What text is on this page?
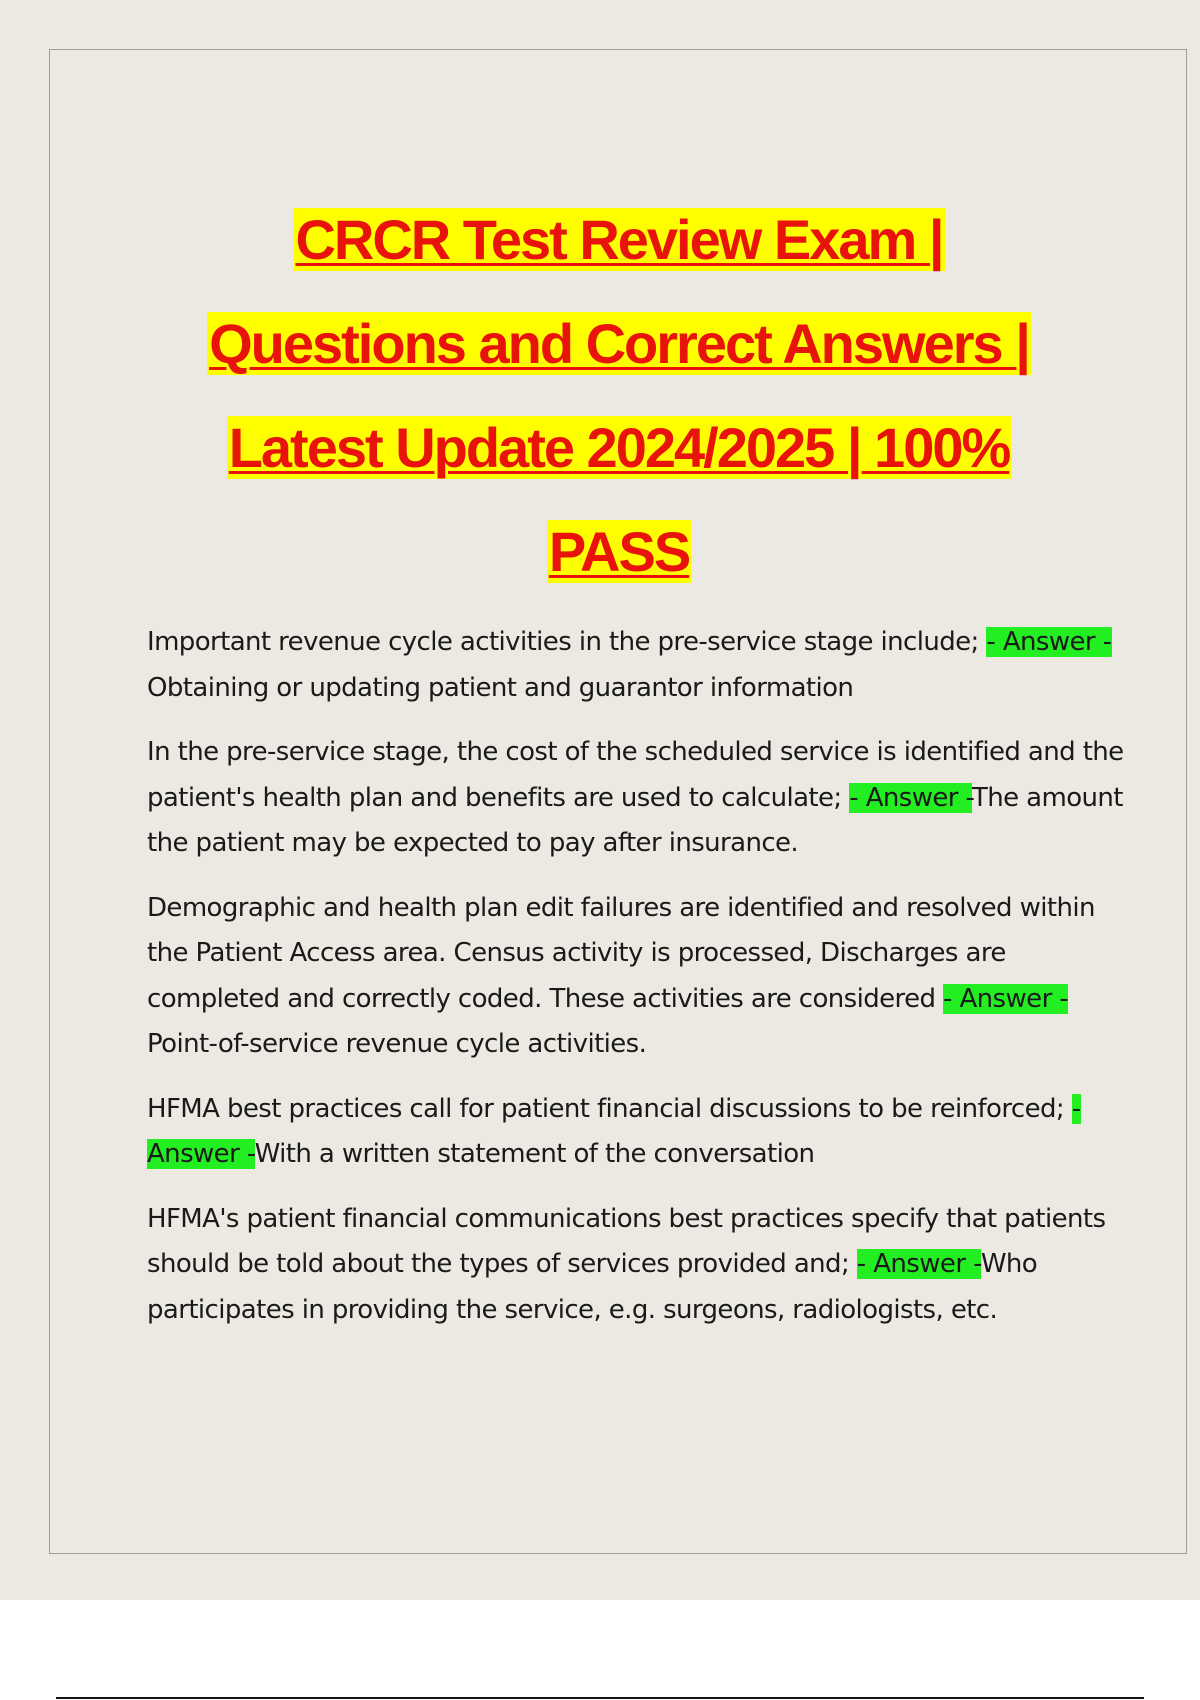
CRCR Test Review Exam |
Questions and Correct Answers |
Latest Update 2024/2025 | 100%
PASS

Important revenue cycle activities in the pre-service stage include; - Answer -Obtaining or updating patient and guarantor information

In the pre-service stage, the cost of the scheduled service is identified and the patient's health plan and benefits are used to calculate; - Answer -The amount the patient may be expected to pay after insurance.

Demographic and health plan edit failures are identified and resolved within the Patient Access area. Census activity is processed, Discharges are completed and correctly coded. These activities are considered - Answer -Point-of-service revenue cycle activities.

HFMA best practices call for patient financial discussions to be reinforced; - Answer -With a written statement of the conversation

HFMA's patient financial communications best practices specify that patients should be told about the types of services provided and; - Answer -Who participates in providing the service, e.g. surgeons, radiologists, etc.
